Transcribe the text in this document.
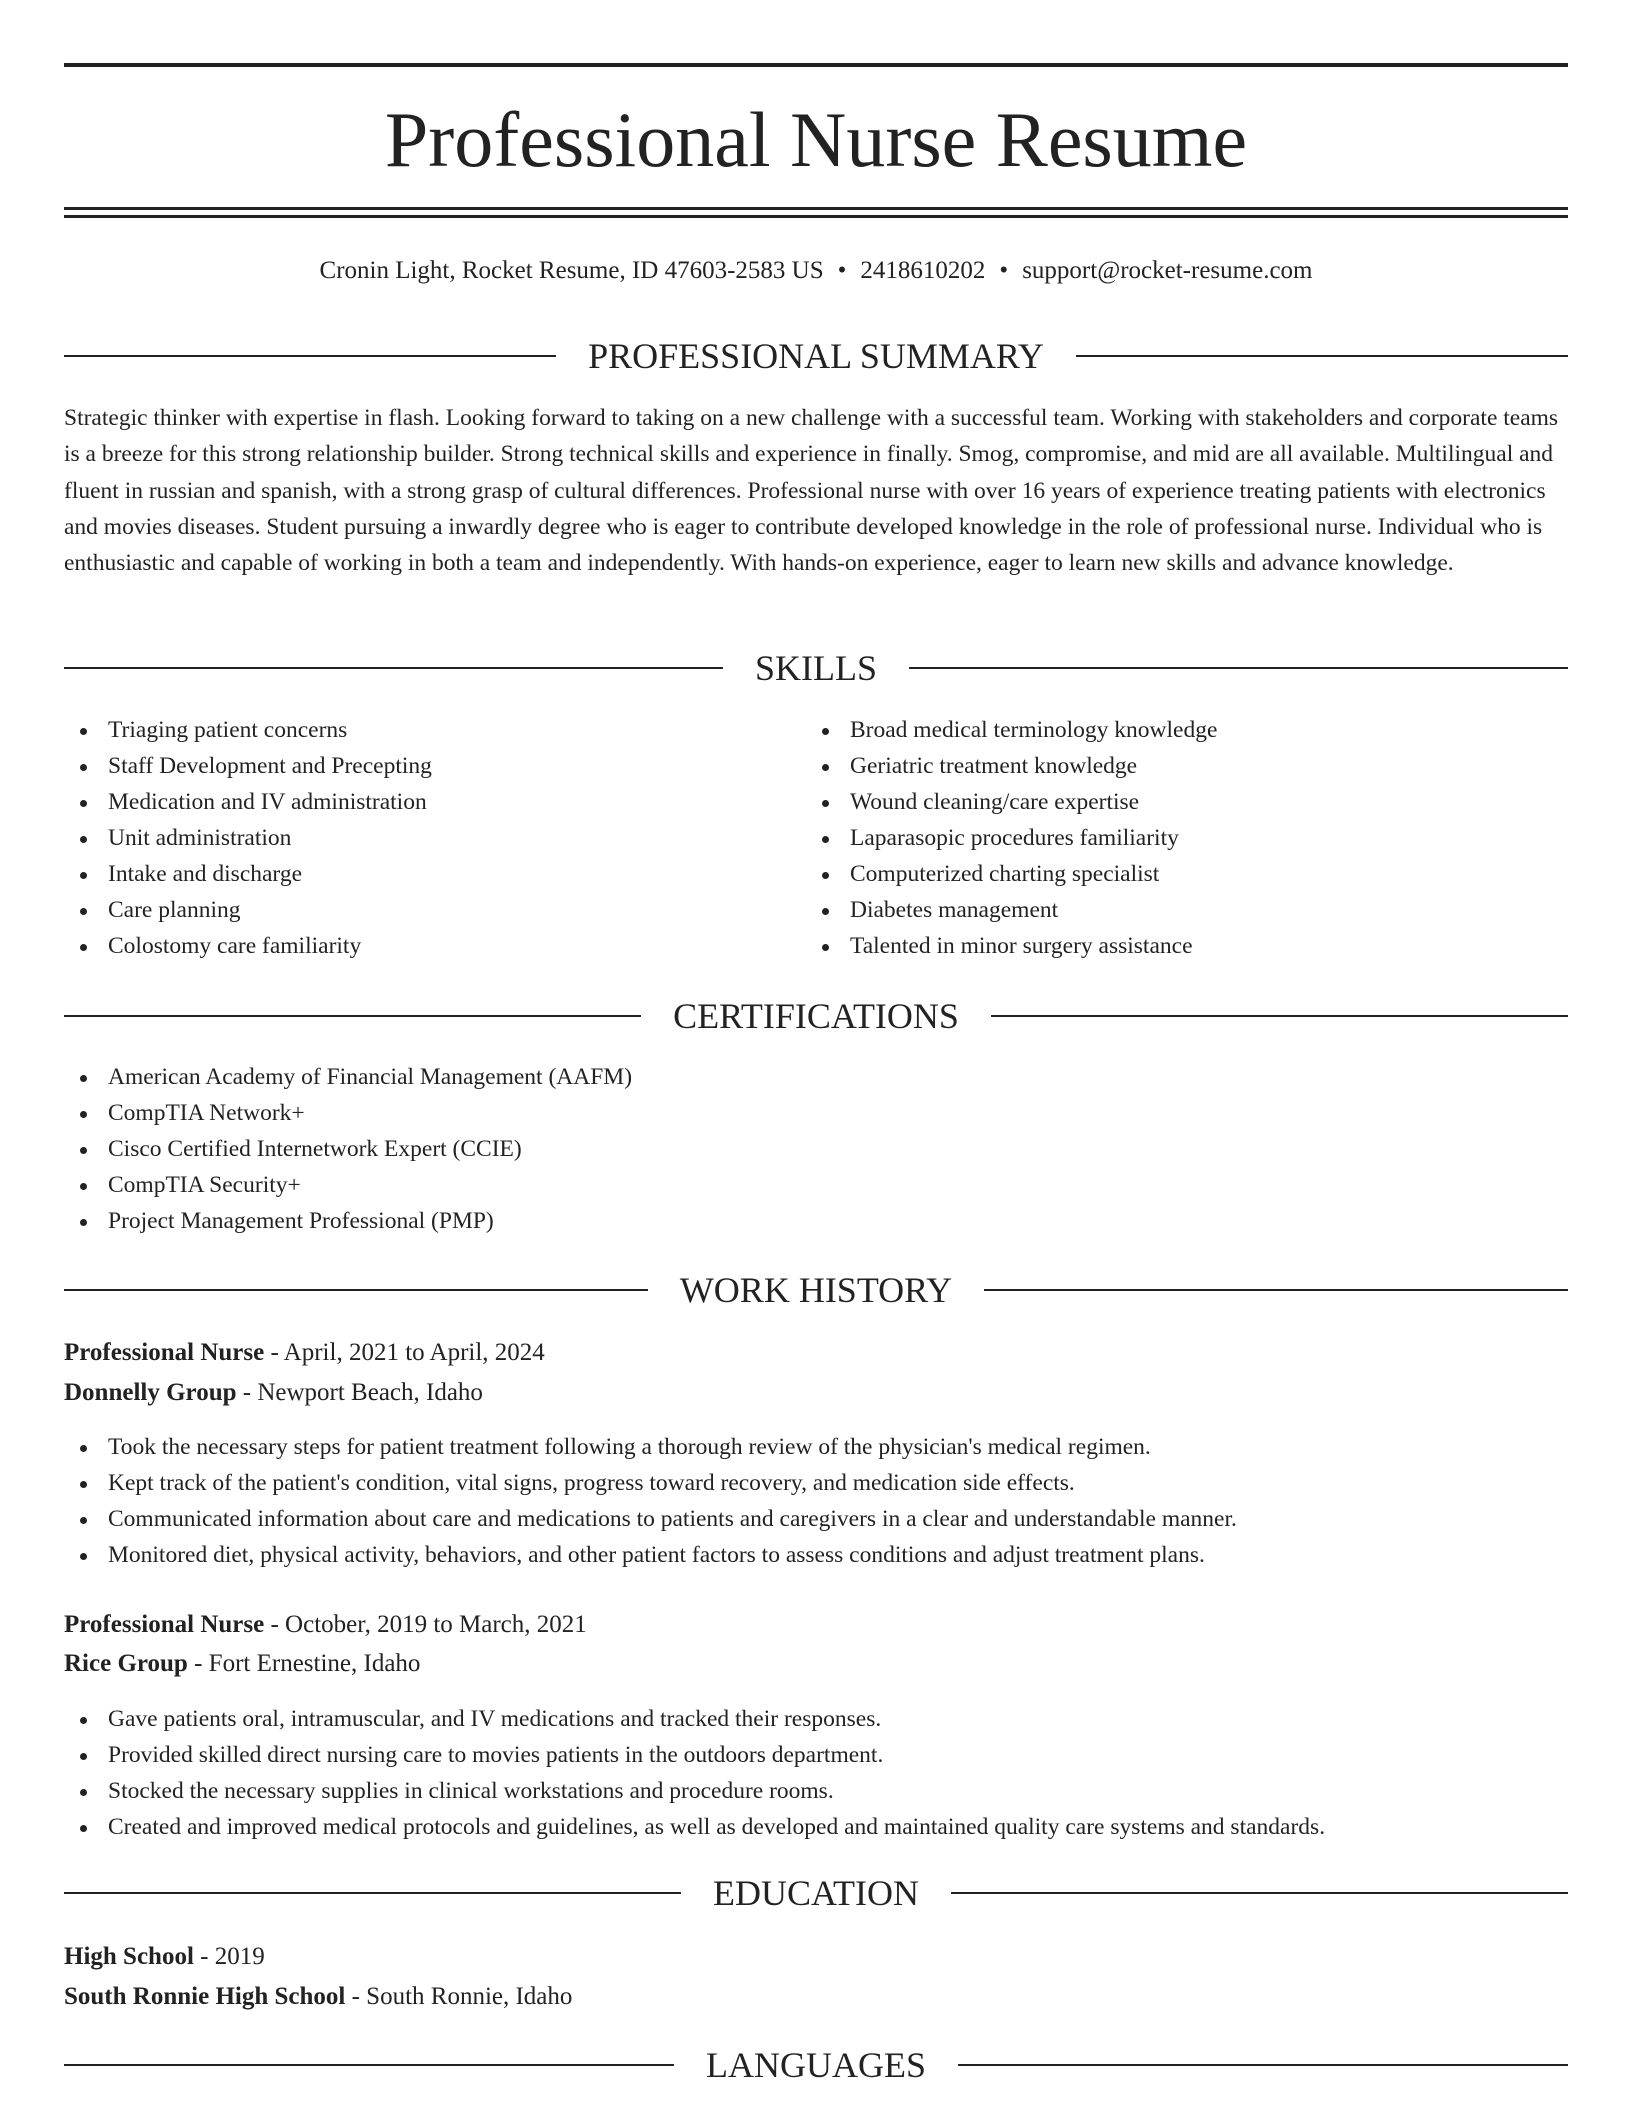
Professional Nurse Resume
Cronin Light, Rocket Resume, ID 47603-2583 US • 2418610202 • support@rocket-resume.com
PROFESSIONAL SUMMARY

Strategic thinker with expertise in flash. Looking forward to taking on a new challenge with a successful team. Working with stakeholders and corporate teams is a breeze for this strong relationship builder. Strong technical skills and experience in finally. Smog, compromise, and mid are all available. Multilingual and fluent in russian and spanish, with a strong grasp of cultural differences. Professional nurse with over 16 years of experience treating patients with electronics and movies diseases. Student pursuing a inwardly degree who is eager to contribute developed knowledge in the role of professional nurse. Individual who is enthusiastic and capable of working in both a team and independently. With hands-on experience, eager to learn new skills and advance knowledge.

SKILLS
Triaging patient concerns
Staff Development and Precepting
Medication and IV administration
Unit administration
Intake and discharge
Care planning
Colostomy care familiarity
Broad medical terminology knowledge
Geriatric treatment knowledge
Wound cleaning/care expertise
Laparasopic procedures familiarity
Computerized charting specialist
Diabetes management
Talented in minor surgery assistance
CERTIFICATIONS
American Academy of Financial Management (AAFM)
CompTIA Network+
Cisco Certified Internetwork Expert (CCIE)
CompTIA Security+
Project Management Professional (PMP)
WORK HISTORY
Professional Nurse - April, 2021 to April, 2024
Donnelly Group - Newport Beach, Idaho
Took the necessary steps for patient treatment following a thorough review of the physician's medical regimen.
Kept track of the patient's condition, vital signs, progress toward recovery, and medication side effects.
Communicated information about care and medications to patients and caregivers in a clear and understandable manner.
Monitored diet, physical activity, behaviors, and other patient factors to assess conditions and adjust treatment plans.
Professional Nurse - October, 2019 to March, 2021
Rice Group - Fort Ernestine, Idaho
Gave patients oral, intramuscular, and IV medications and tracked their responses.
Provided skilled direct nursing care to movies patients in the outdoors department.
Stocked the necessary supplies in clinical workstations and procedure rooms.
Created and improved medical protocols and guidelines, as well as developed and maintained quality care systems and standards.
EDUCATION
High School - 2019
South Ronnie High School - South Ronnie, Idaho
LANGUAGES
